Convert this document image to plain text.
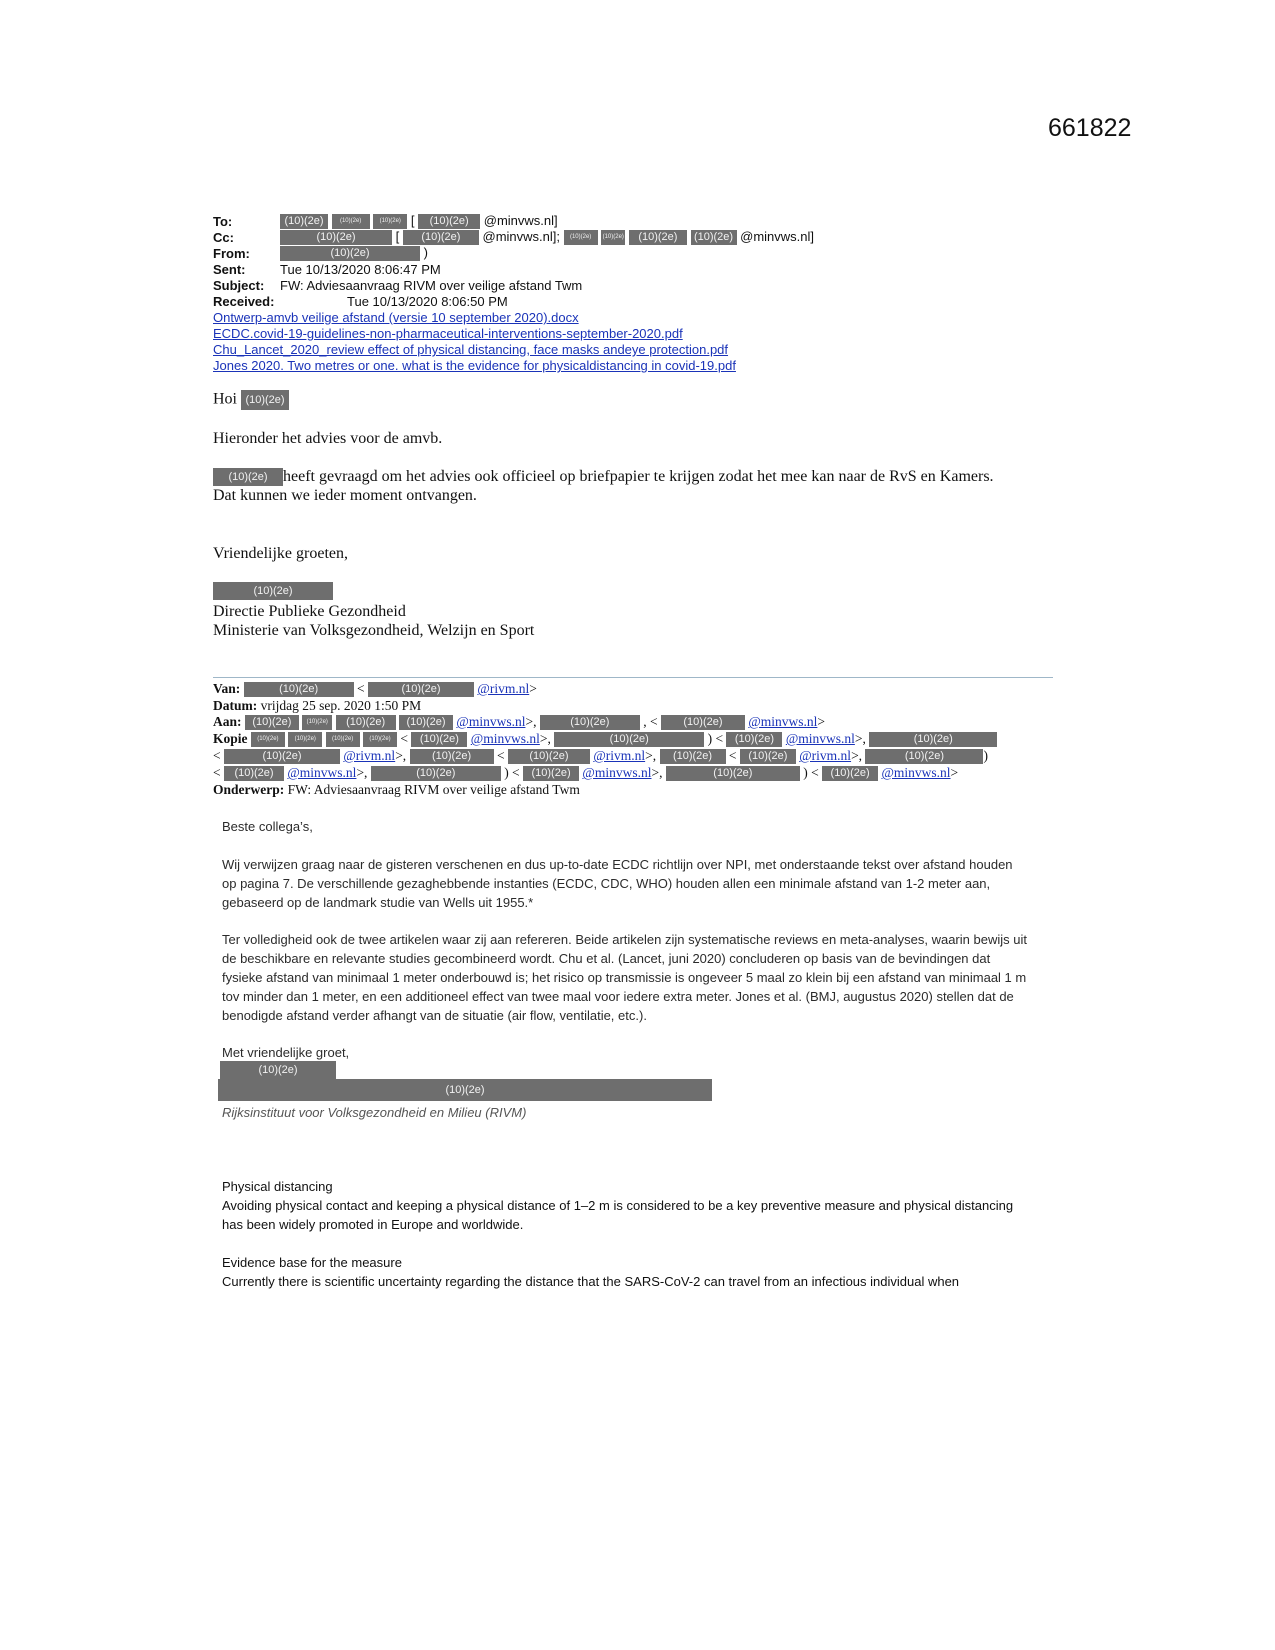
661822
To:	(10)(2e)	(10)(2e)	(10)(2e) [ (10)(2e) @minvws.nl]
Cc:	(10)(2e)	[ (10)(2e) @minvws.nl]; (10)(2e) (10)(2e) (10)(2e) (10)(2e) @minvws.nl]
From:	(10)(2e)	)
Sent:	Tue 10/13/2020 8:06:47 PM
Subject: FW: Adviesaanvraag RIVM over veilige afstand Twm
Received:	Tue 10/13/2020 8:06:50 PM
Ontwerp-amvb veilige afstand (versie 10 september 2020).docx
ECDC.covid-19-guidelines-non-pharmaceutical-interventions-september-2020.pdf
Chu_Lancet_2020_review effect of physical distancing, face masks andeye protection.pdf
Jones 2020. Two metres or one. what is the evidence for physicaldistancing in covid-19.pdf
Hoi (10)(2e)
Hieronder het advies voor de amvb.
(10)(2e) heeft gevraagd om het advies ook officieel op briefpapier te krijgen zodat het mee kan naar de RvS en Kamers.
Dat kunnen we ieder moment ontvangen.
Vriendelijke groeten,
(10)(2e)
Directie Publieke Gezondheid
Ministerie van Volksgezondheid, Welzijn en Sport
Van:	(10)(2e)	<	(10)(2e)	@rivm.nl>
Datum: vrijdag 25 sep. 2020 1:50 PM
Aan: (10)(2e)	(10)(2e) (10)(2e) (10)(2e) @minvws.nl>,	(10)(2e)	, < (10)(2e) @minvws.nl>
Kopie (10)(2e)	(10)(2e)	(10)(2e)	(10)(2e) < (10)(2e) @minvws.nl>,	(10)(2e)	) < (10)(2e) @minvws.nl>,	(10)(2e)
<	(10)(2e)	@rivm.nl>, (10)(2e) < (10)(2e) @rivm.nl>, (10)(2e) < (10)(2e) @rivm.nl>,	(10)(2e)	)
< (10)(2e) @minvws.nl>,	(10)(2e)	) < (10)(2e) @minvws.nl>,	(10)(2e)	) < (10)(2e) @minvws.nl>
Onderwerp: FW: Adviesaanvraag RIVM over veilige afstand Twm
Beste collega’s,
Wij verwijzen graag naar de gisteren verschenen en dus up-to-date ECDC richtlijn over NPI, met onderstaande tekst over afstand houden op pagina 7. De verschillende gezaghebbende instanties (ECDC, CDC, WHO) houden allen een minimale afstand van 1-2 meter aan, gebaseerd op de landmark studie van Wells uit 1955.*
Ter volledigheid ook de twee artikelen waar zij aan refereren. Beide artikelen zijn systematische reviews en meta-analyses, waarin bewijs uit de beschikbare en relevante studies gecombineerd wordt. Chu et al. (Lancet, juni 2020) concluderen op basis van de bevindingen dat fysieke afstand van minimaal 1 meter onderbouwd is; het risico op transmissie is ongeveer 5 maal zo klein bij een afstand van minimaal 1 m tov minder dan 1 meter, en een additioneel effect van twee maal voor iedere extra meter. Jones et al. (BMJ, augustus 2020) stellen dat de benodigde afstand verder afhangt van de situatie (air flow, ventilatie, etc.).
Met vriendelijke groet,
(10)(2e)
(10)(2e)
Rijksinstituut voor Volksgezondheid en Milieu (RIVM)
Physical distancing
Avoiding physical contact and keeping a physical distance of 1–2 m is considered to be a key preventive measure and physical distancing has been widely promoted in Europe and worldwide.
Evidence base for the measure
Currently there is scientific uncertainty regarding the distance that the SARS-CoV-2 can travel from an infectious individual when
